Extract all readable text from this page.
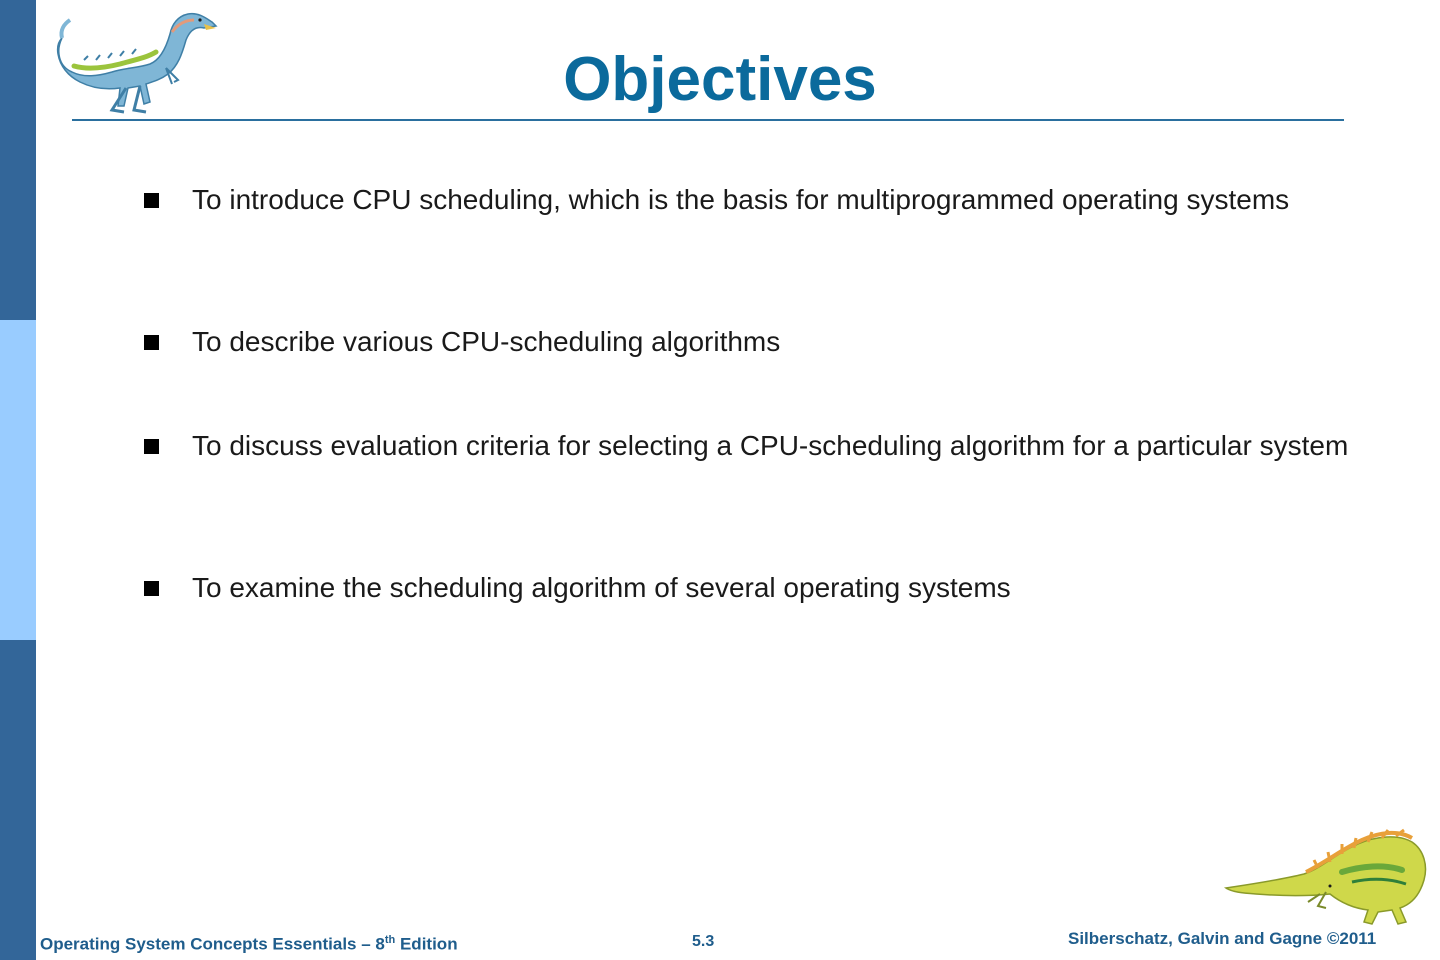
Objectives
To introduce CPU scheduling, which is the basis for multiprogrammed operating systems
To describe various CPU-scheduling algorithms
To discuss evaluation criteria for selecting a CPU-scheduling algorithm for a particular system
To examine the scheduling algorithm of several operating systems
Operating System Concepts Essentials – 8th Edition	5.3	Silberschatz, Galvin and Gagne ©2011
